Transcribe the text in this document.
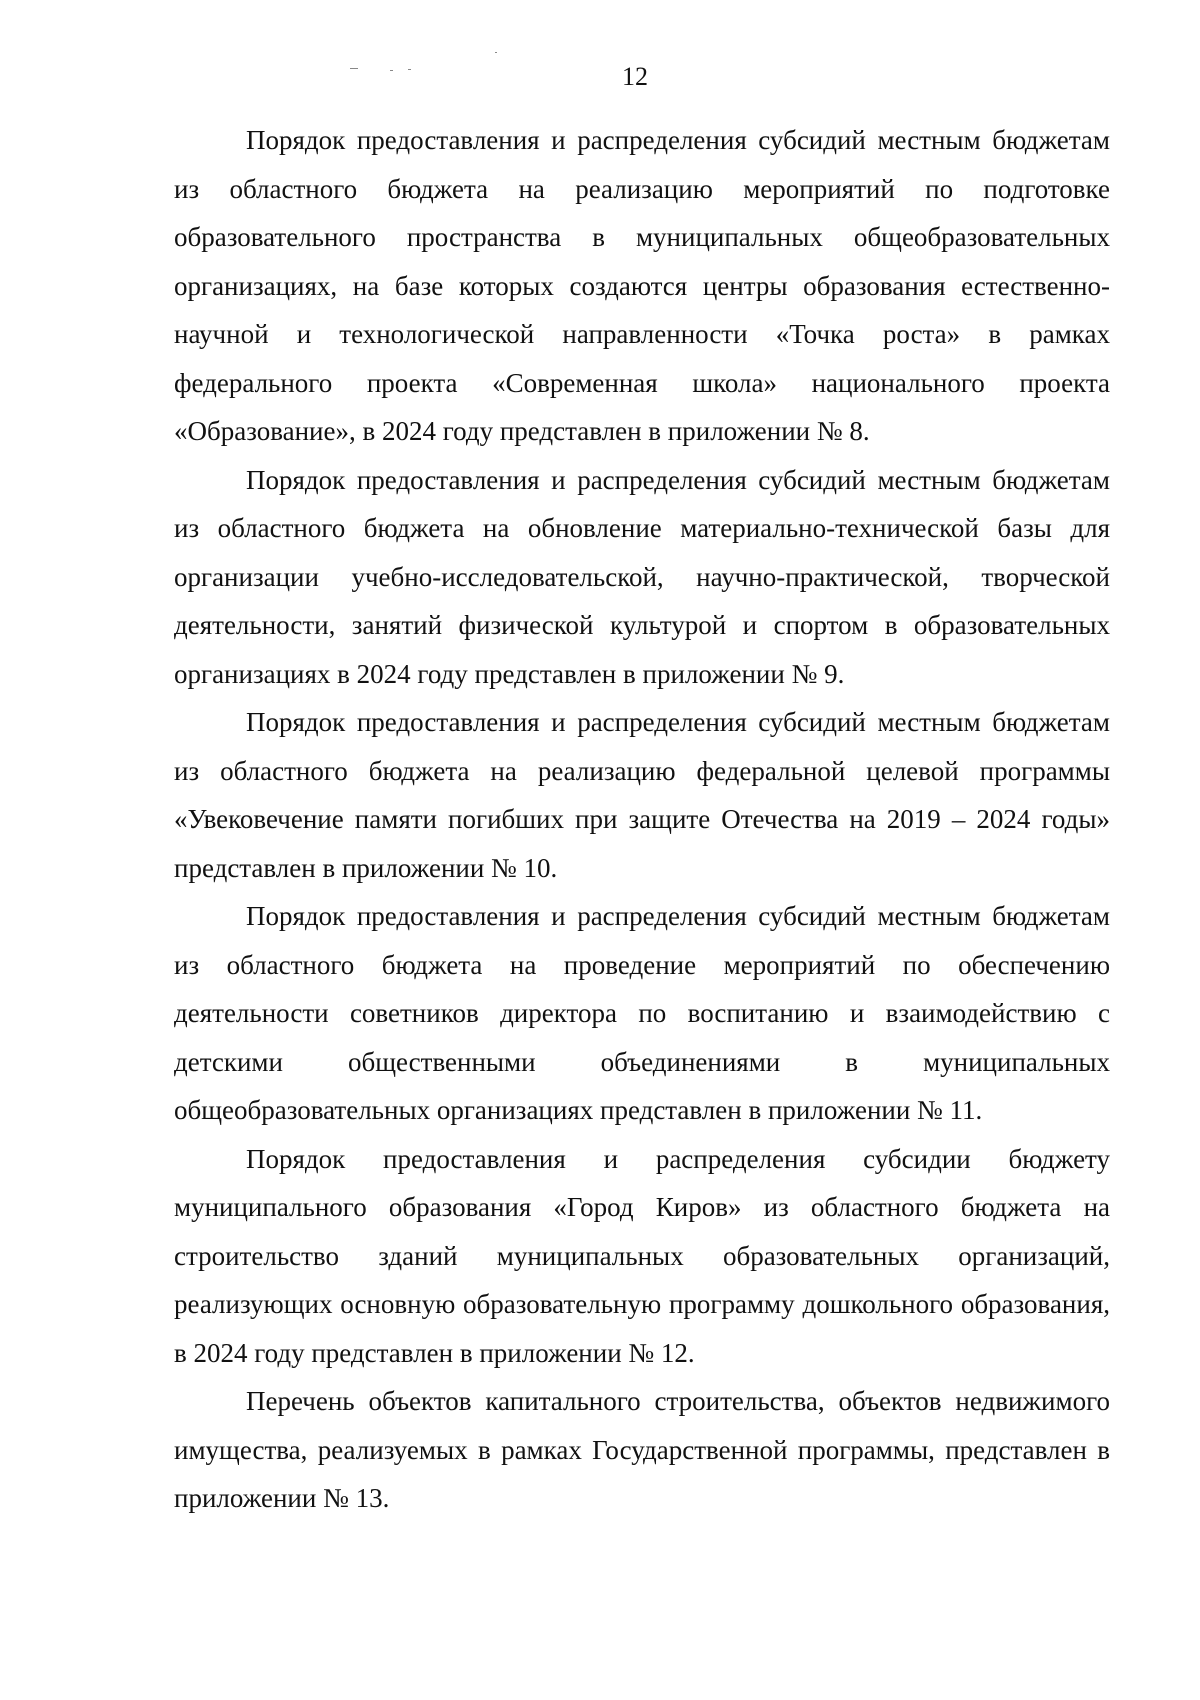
12

Порядок предоставления и распределения субсидий местным бюджетам из областного бюджета на реализацию мероприятий по подготовке образовательного пространства в муниципальных общеобразовательных организациях, на базе которых создаются центры образования естественно-научной и технологической направленности «Точка роста» в рамках федерального проекта «Современная школа» национального проекта «Образование», в 2024 году представлен в приложении № 8.

Порядок предоставления и распределения субсидий местным бюджетам из областного бюджета на обновление материально-технической базы для организации учебно-исследовательской, научно-практической, творческой деятельности, занятий физической культурой и спортом в образовательных организациях в 2024 году представлен в приложении № 9.

Порядок предоставления и распределения субсидий местным бюджетам из областного бюджета на реализацию федеральной целевой программы «Увековечение памяти погибших при защите Отечества на 2019 – 2024 годы» представлен в приложении № 10.

Порядок предоставления и распределения субсидий местным бюджетам из областного бюджета на проведение мероприятий по обеспечению деятельности советников директора по воспитанию и взаимодействию с детскими общественными объединениями в муниципальных общеобразовательных организациях представлен в приложении № 11.

Порядок предоставления и распределения субсидии бюджету муниципального образования «Город Киров» из областного бюджета на строительство зданий муниципальных образовательных организаций, реализующих основную образовательную программу дошкольного образования, в 2024 году представлен в приложении № 12.

Перечень объектов капитального строительства, объектов недвижимого имущества, реализуемых в рамках Государственной программы, представлен в приложении № 13.
